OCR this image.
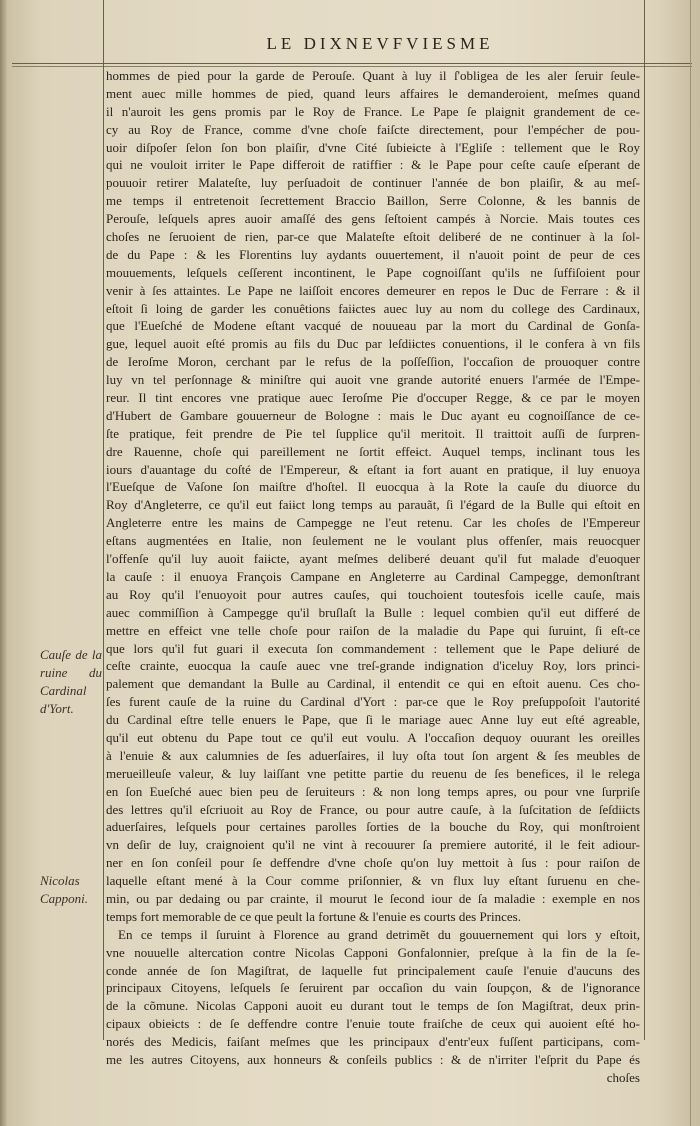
LE DIXNEVFVIESME
Cauſe de la
ruine du
Cardinal
d'Yort.
Nicolas
Capponi.
hommes de pied pour la garde de Perouſe. Quant à luy il ſ'obligea de les aler ſeruir ſeule-
ment auec mille hommes de pied, quand leurs affaires le demanderoient, meſmes quand
il n'auroit les gens promis par le Roy de France. Le Pape ſe plaignit grandement de ce-
cy au Roy de France, comme d'vne choſe faiſcte directement, pour l'empécher de pou-
uoir diſpoſer ſelon ſon bon plaiſir, d'vne Cité ſubieɨcte à l'Egliſe : tellement que le Roy
qui ne vouloit irriter le Pape differoit de ratiffier : & le Pape pour ceſte cauſe eſperant de
pouuoir retirer Malateſte, luy perſuadoit de continuer l'année de bon plaiſir, & au meſ-
me temps il entretenoit ſecrettement Braccio Baillon, Serre Colonne, & les bannis de
Perouſe, leſquels apres auoir amaſſé des gens ſeſtoient campés à Norcie. Mais toutes ces
choſes ne ſeruoient de rien, par-ce que Malateſte eſtoit deliberé de ne continuer à la ſol-
de du Pape : & les Florentins luy aydants ouuertement, il n'auoit point de peur de ces
mouuements, leſquels ceſſerent incontinent, le Pape cognoiſſant qu'ils ne ſuffiſoient pour
venir à ſes attaintes. Le Pape ne laiſſoit encores demeurer en repos le Duc de Ferrare : & il
eſtoit ſi loing de garder les conuêtions faiɨctes auec luy au nom du college des Cardinaux,
que l'Eueſché de Modene eſtant vacqué de nouueau par la mort du Cardinal de Gonſa-
gue, lequel auoit eſté promis au fils du Duc par leſdiɨctes conuentions, il le confera à vn fils
de Ieroſme Moron, cerchant par le refus de la poſſeſſion, l'occaſion de prouoquer contre
luy vn tel perſonnage & miniſtre qui auoit vne grande autorité enuers l'armée de l'Empe-
reur. Il tint encores vne pratique auec Ieroſme Pie d'occuper Regge, & ce par le moyen
d'Hubert de Gambare gouuerneur de Bologne : mais le Duc ayant eu cognoiſſance de ce-
ſte pratique, feit prendre de Pie tel ſupplice qu'il meritoit. Il traittoit auſſi de ſurpren-
dre Rauenne, choſe qui pareillement ne ſortit effeɨct. Auquel temps, inclinant tous les
iours d'auantage du coſté de l'Empereur, & eſtant ia fort auant en pratique, il luy enuoya
l'Eueſque de Vaſone ſon maiſtre d'hoſtel. Il euocqua à la Rote la cauſe du diuorce du
Roy d'Angleterre, ce qu'il eut faiɨct long temps au parauãt, ſi l'égard de la Bulle qui eſtoit en
Angleterre entre les mains de Campegge ne l'eut retenu. Car les choſes de l'Empereur
eſtans augmentées en Italie, non ſeulement ne le voulant plus offenſer, mais reuocquer
l'offenſe qu'il luy auoit faiɨcte, ayant meſmes deliberé deuant qu'il fut malade d'euoquer
la cauſe : il enuoya François Campane en Angleterre au Cardinal Campegge, demonſtrant
au Roy qu'il l'enuoyoit pour autres cauſes, qui touchoient toutesfois icelle cauſe, mais
auec commiſſion à Campegge qu'il bruſlaſt la Bulle : lequel combien qu'il eut differé de
mettre en effeɨct vne telle choſe pour raiſon de la maladie du Pape qui ſuruint, ſi eſt-ce
que lors qu'il fut guari il executa ſon commandement : tellement que le Pape deliuré de
ceſte crainte, euocqua la cauſe auec vne treſ-grande indignation d'iceluy Roy, lors princi-
palement que demandant la Bulle au Cardinal, il entendit ce qui en eſtoit auenu. Ces cho-
ſes furent cauſe de la ruine du Cardinal d'Yort : par-ce que le Roy preſuppoſoit l'autorité
du Cardinal eſtre telle enuers le Pape, que ſi le mariage auec Anne luy eut eſté agreable,
qu'il eut obtenu du Pape tout ce qu'il eut voulu. A l'occaſion dequoy ouurant les oreilles
à l'enuie & aux calumnies de ſes aduerſaires, il luy oſta tout ſon argent & ſes meubles de
merueilleuſe valeur, & luy laiſſant vne petitte partie du reuenu de ſes benefices, il le relega
en ſon Eueſché auec bien peu de ſeruiteurs : & non long temps apres, ou pour vne ſurpriſe
des lettres qu'il eſcriuoit au Roy de France, ou pour autre cauſe, à la ſuſcitation de ſeſdiɨcts
aduerſaires, leſquels pour certaines parolles ſorties de la bouche du Roy, qui monſtroient
vn deſir de luy, craignoient qu'il ne vint à recouurer ſa premiere autorité, il le feit adiour-
ner en ſon conſeil pour ſe deffendre d'vne choſe qu'on luy mettoit à ſus : pour raiſon de
laquelle eſtant mené à la Cour comme priſonnier, & vn flux luy eſtant ſuruenu en che-
min, ou par dedaing ou par crainte, il mourut le ſecond iour de ſa maladie : exemple en nos
temps fort memorable de ce que peult la fortune & l'enuie es courts des Princes.
En ce temps il ſuruint à Florence au grand detrimẽt du gouuernement qui lors y eſtoit,
vne nouuelle altercation contre Nicolas Capponi Gonfalonnier, preſque à la fin de la ſe-
conde année de ſon Magiſtrat, de laquelle fut principalement cauſe l'enuie d'aucuns des
principaux Citoyens, leſquels ſe ſeruirent par occaſion du vain ſoupçon, & de l'ignorance
de la cõmune. Nicolas Capponi auoit eu durant tout le temps de ſon Magiſtrat, deux prin-
cipaux obieɨcts : de ſe deffendre contre l'enuie toute fraiſche de ceux qui auoient eſté ho-
norés des Medicis, faiſant meſmes que les principaux d'entr'eux fuſſent participans, com-
me les autres Citoyens, aux honneurs & conſeils publics : & de n'irriter l'eſprit du Pape és
choſes
